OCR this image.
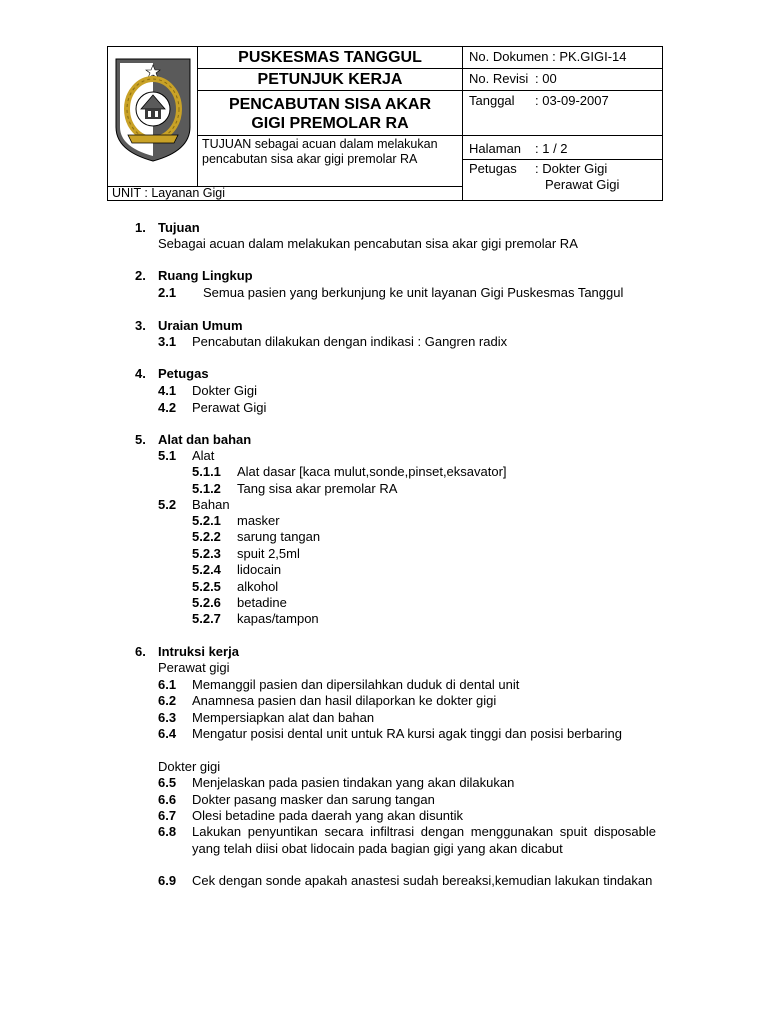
PUSKESMAS TANGGUL
PETUNJUK KERJA
PENCABUTAN SISA AKAR
GIGI PREMOLAR RA
TUJUAN sebagai acuan dalam melakukan pencabutan sisa akar gigi premolar RA
No. Dokumen : PK.GIGI-14
No. Revisi : 00
Tanggal : 03-09-2007
Halaman : 1 / 2
Petugas : Dokter Gigi
Perawat Gigi
UNIT : Layanan Gigi
1. Tujuan
Sebagai acuan dalam melakukan pencabutan sisa akar gigi premolar RA
2. Ruang Lingkup
2.1 Semua pasien yang berkunjung ke unit layanan Gigi Puskesmas Tanggul
3. Uraian Umum
3.1 Pencabutan dilakukan dengan indikasi : Gangren radix
4. Petugas
4.1 Dokter Gigi
4.2 Perawat Gigi
5. Alat dan bahan
5.1 Alat
5.1.1 Alat dasar [kaca mulut,sonde,pinset,eksavator]
5.1.2 Tang sisa akar premolar RA
5.2 Bahan
5.2.1 masker
5.2.2 sarung tangan
5.2.3 spuit 2,5ml
5.2.4 lidocain
5.2.5 alkohol
5.2.6 betadine
5.2.7 kapas/tampon
6. Intruksi kerja
Perawat gigi
6.1 Memanggil pasien dan dipersilahkan duduk di dental unit
6.2 Anamnesa pasien dan hasil dilaporkan ke dokter gigi
6.3 Mempersiapkan alat dan bahan
6.4 Mengatur posisi dental unit untuk RA kursi agak tinggi dan posisi berbaring
Dokter gigi
6.5 Menjelaskan pada pasien tindakan yang akan dilakukan
6.6 Dokter pasang masker dan sarung tangan
6.7 Olesi betadine pada daerah yang akan disuntik
6.8 Lakukan penyuntikan secara infiltrasi dengan menggunakan spuit disposable yang telah diisi obat lidocain pada bagian gigi yang akan dicabut
6.9 Cek dengan sonde apakah anastesi sudah bereaksi,kemudian lakukan tindakan
